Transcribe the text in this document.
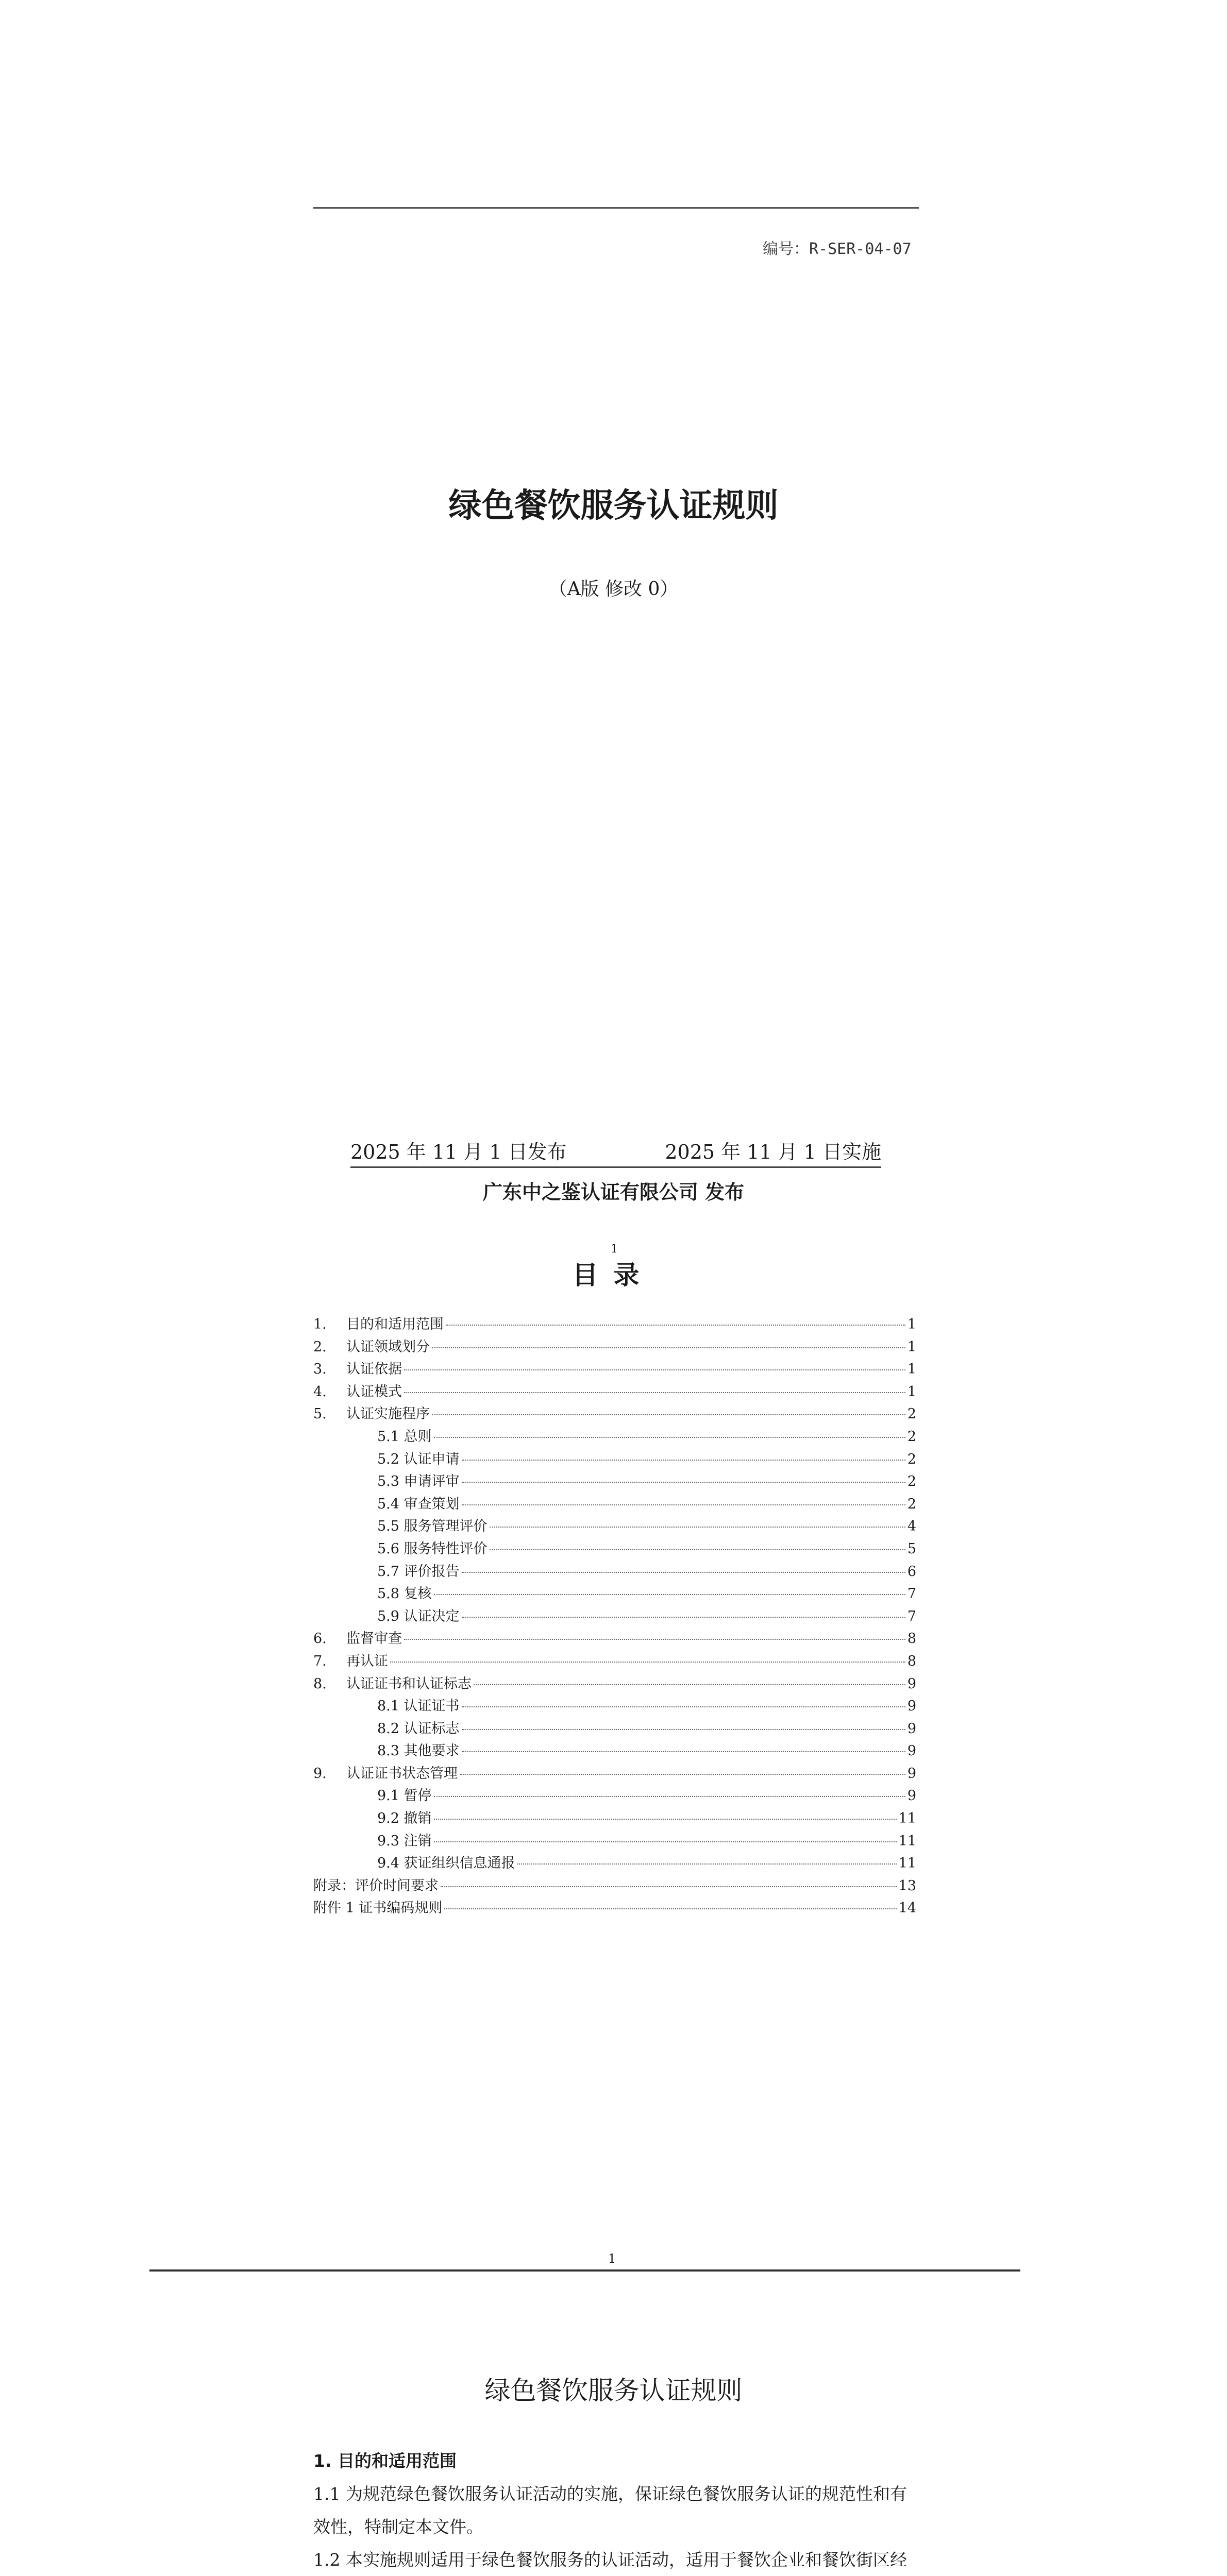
编号：R-SER-04-07
绿色餐饮服务认证规则
（A版 修改 0）
2025 年 11 月 1 日发布	2025 年 11 月 1 日实施
广东中之鉴认证有限公司 发布
1
目录
1.	目的和适用范围	1
2.	认证领域划分	1
3.	认证依据	1
4.	认证模式	1
5.	认证实施程序	2
5.1 总则	2
5.2 认证申请	2
5.3 申请评审	2
5.4 审查策划	2
5.5 服务管理评价	4
5.6 服务特性评价	5
5.7 评价报告	6
5.8 复核	7
5.9 认证决定	7
6.	监督审查	8
7.	再认证	8
8.	认证证书和认证标志	9
8.1 认证证书	9
8.2 认证标志	9
8.3 其他要求	9
9.	认证证书状态管理	9
9.1 暂停	9
9.2 撤销	11
9.3 注销	11
9.4 获证组织信息通报	11
附录：评价时间要求	13
附件 1 证书编码规则	14
1
绿色餐饮服务认证规则
1. 目的和适用范围
1.1 为规范绿色餐饮服务认证活动的实施，保证绿色餐饮服务认证的规范性和有效性，特制定本文件。
1.2 本实施规则适用于绿色餐饮服务的认证活动，适用于餐饮企业和餐饮街区经
